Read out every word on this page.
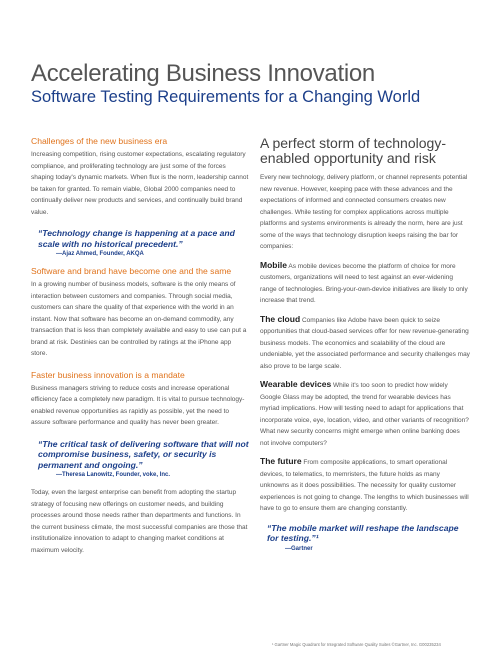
Accelerating Business Innovation
Software Testing Requirements for a Changing World
Challenges of the new business era
Increasing competition, rising customer expectations, escalating regulatory compliance, and proliferating technology are just some of the forces shaping today's dynamic markets. When flux is the norm, leadership cannot be taken for granted. To remain viable, Global 2000 companies need to continually deliver new products and services, and continually build brand value.
“Technology change is happening at a pace and scale with no historical precedent.”
—Ajaz Ahmed, Founder, AKQA
Software and brand have become one and the same
In a growing number of business models, software is the only means of interaction between customers and companies. Through social media, customers can share the quality of that experience with the world in an instant. Now that software has become an on-demand commodity, any transaction that is less than completely available and easy to use can put a brand at risk. Destinies can be controlled by ratings at the iPhone app store.
Faster business innovation is a mandate
Business managers striving to reduce costs and increase operational efficiency face a completely new paradigm. It is vital to pursue technology-enabled revenue opportunities as rapidly as possible, yet the need to assure software performance and quality has never been greater.
“The critical task of delivering software that will not compromise business, safety, or security is permanent and ongoing.”
—Theresa Lanowitz, Founder, voke, Inc.
Today, even the largest enterprise can benefit from adopting the startup strategy of focusing new offerings on customer needs, and building processes around those needs rather than departments and functions. In the current business climate, the most successful companies are those that institutionalize innovation to adapt to changing market conditions at maximum velocity.
A perfect storm of technology-enabled opportunity and risk
Every new technology, delivery platform, or channel represents potential new revenue. However, keeping pace with these advances and the expectations of informed and connected consumers creates new challenges. While testing for complex applications across multiple platforms and systems environments is already the norm, here are just some of the ways that technology disruption keeps raising the bar for companies:
Mobile As mobile devices become the platform of choice for more customers, organizations will need to test against an ever-widening range of technologies. Bring-your-own-device initiatives are likely to only increase that trend.
The cloud Companies like Adobe have been quick to seize opportunities that cloud-based services offer for new revenue-generating business models. The economics and scalability of the cloud are undeniable, yet the associated performance and security challenges may also prove to be large scale.
Wearable devices While it's too soon to predict how widely Google Glass may be adopted, the trend for wearable devices has myriad implications. How will testing need to adapt for applications that incorporate voice, eye, location, video, and other variants of recognition? What new security concerns might emerge when online banking does not involve computers?
The future From composite applications, to smart operational devices, to telematics, to memristers, the future holds as many unknowns as it does possibilities. The necessity for quality customer experiences is not going to change. The lengths to which businesses will have to go to ensure them are changing constantly.
“The mobile market will reshape the landscape for testing.”¹
—Gartner
¹ Gartner Magic Quadrant for Integrated Software Quality Suites ©Gartner, Inc. G00235234
